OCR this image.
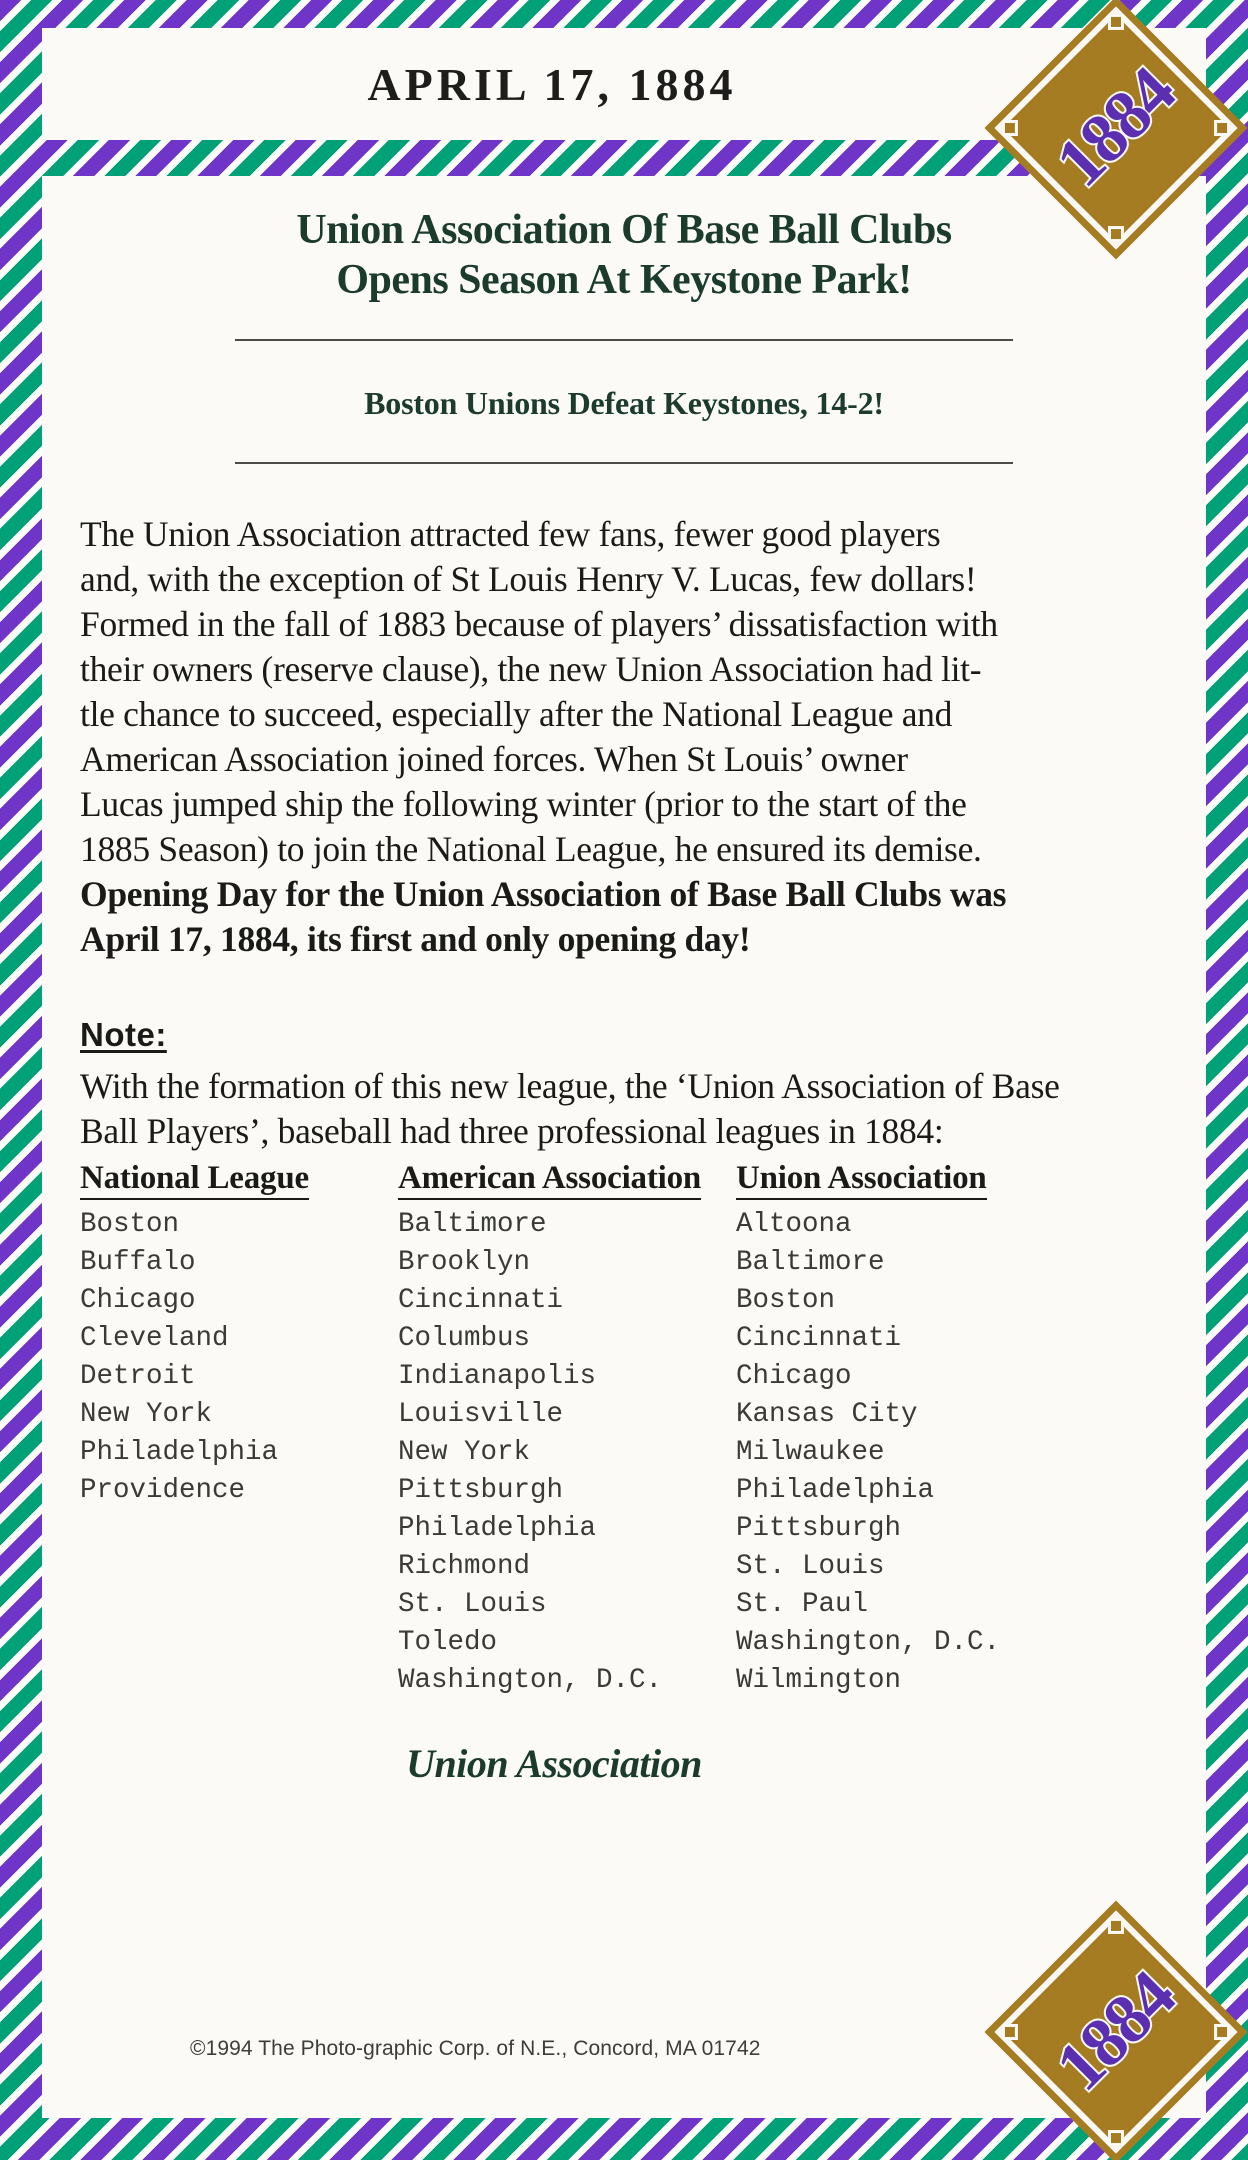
APRIL 17, 1884	1884
1884
Union Association Of Base Ball Clubs
Opens Season At Keystone Park!
Boston Unions Defeat Keystones, 14-2!
The Union Association attracted few fans, fewer good players
and, with the exception of St Louis Henry V. Lucas, few dollars!
Formed in the fall of 1883 because of players’ dissatisfaction with
their owners (reserve clause), the new Union Association had lit-
tle chance to succeed, especially after the National League and
American Association joined forces. When St Louis’ owner
Lucas jumped ship the following winter (prior to the start of the
1885 Season) to join the National League, he ensured its demise.
Opening Day for the Union Association of Base Ball Clubs was
April 17, 1884, its first and only opening day!
Note:
With the formation of this new league, the ‘Union Association of Base
Ball Players’, baseball had three professional leagues in 1884:
National League
Boston
Buffalo
Chicago
Cleveland
Detroit
New York
Philadelphia
Providence
American Association
Baltimore
Brooklyn
Cincinnati
Columbus
Indianapolis
Louisville
New York
Pittsburgh
Philadelphia
Richmond
St. Louis
Toledo
Washington, D.C.
Union Association
Altoona
Baltimore
Boston
Cincinnati
Chicago
Kansas City
Milwaukee
Philadelphia
Pittsburgh
St. Louis
St. Paul
Washington, D.C.
Wilmington
Union Association
©1994 The Photo-graphic Corp. of N.E., Concord, MA 01742
